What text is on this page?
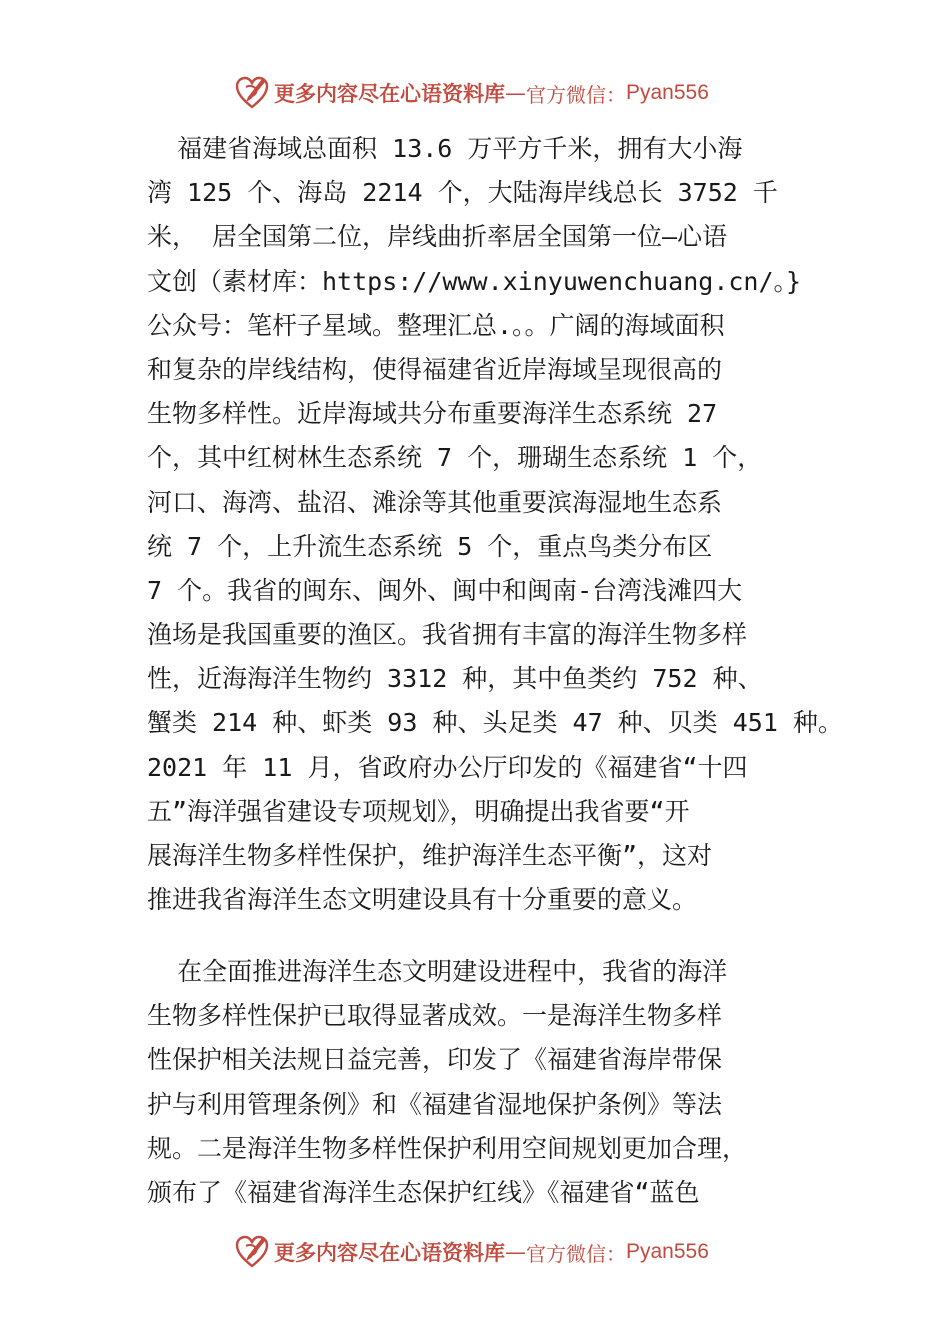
更多内容尽在心语资料库 — 官方微信： Pyan556
福建省海域总面积 13.6 万平方千米，拥有大小海
湾 125 个、海岛 2214 个，大陆海岸线总长 3752 千
米， 居全国第二位，岸线曲折率居全国第一位—心语
文创（素材库：https://www.xinyuwenchuang.cn/。}
公众号：笔杆子星域。整理汇总.。。广阔的海域面积
和复杂的岸线结构，使得福建省近岸海域呈现很高的
生物多样性。近岸海域共分布重要海洋生态系统 27
个，其中红树林生态系统 7 个，珊瑚生态系统 1 个，
河口、海湾、盐沼、滩涂等其他重要滨海湿地生态系
统 7 个，上升流生态系统 5 个，重点鸟类分布区
7 个。我省的闽东、闽外、闽中和闽南-台湾浅滩四大
渔场是我国重要的渔区。我省拥有丰富的海洋生物多样
性，近海海洋生物约 3312 种，其中鱼类约 752 种、
蟹类 214 种、虾类 93 种、头足类 47 种、贝类 451 种。
2021 年 11 月，省政府办公厅印发的《福建省“十四
五”海洋强省建设专项规划》，明确提出我省要“开
展海洋生物多样性保护，维护海洋生态平衡”，这对
推进我省海洋生态文明建设具有十分重要的意义。
在全面推进海洋生态文明建设进程中，我省的海洋
生物多样性保护已取得显著成效。一是海洋生物多样
性保护相关法规日益完善，印发了《福建省海岸带保
护与利用管理条例》和《福建省湿地保护条例》等法
规。二是海洋生物多样性保护利用空间规划更加合理，
颁布了《福建省海洋生态保护红线》《福建省“蓝色
更多内容尽在心语资料库 — 官方微信： Pyan556
